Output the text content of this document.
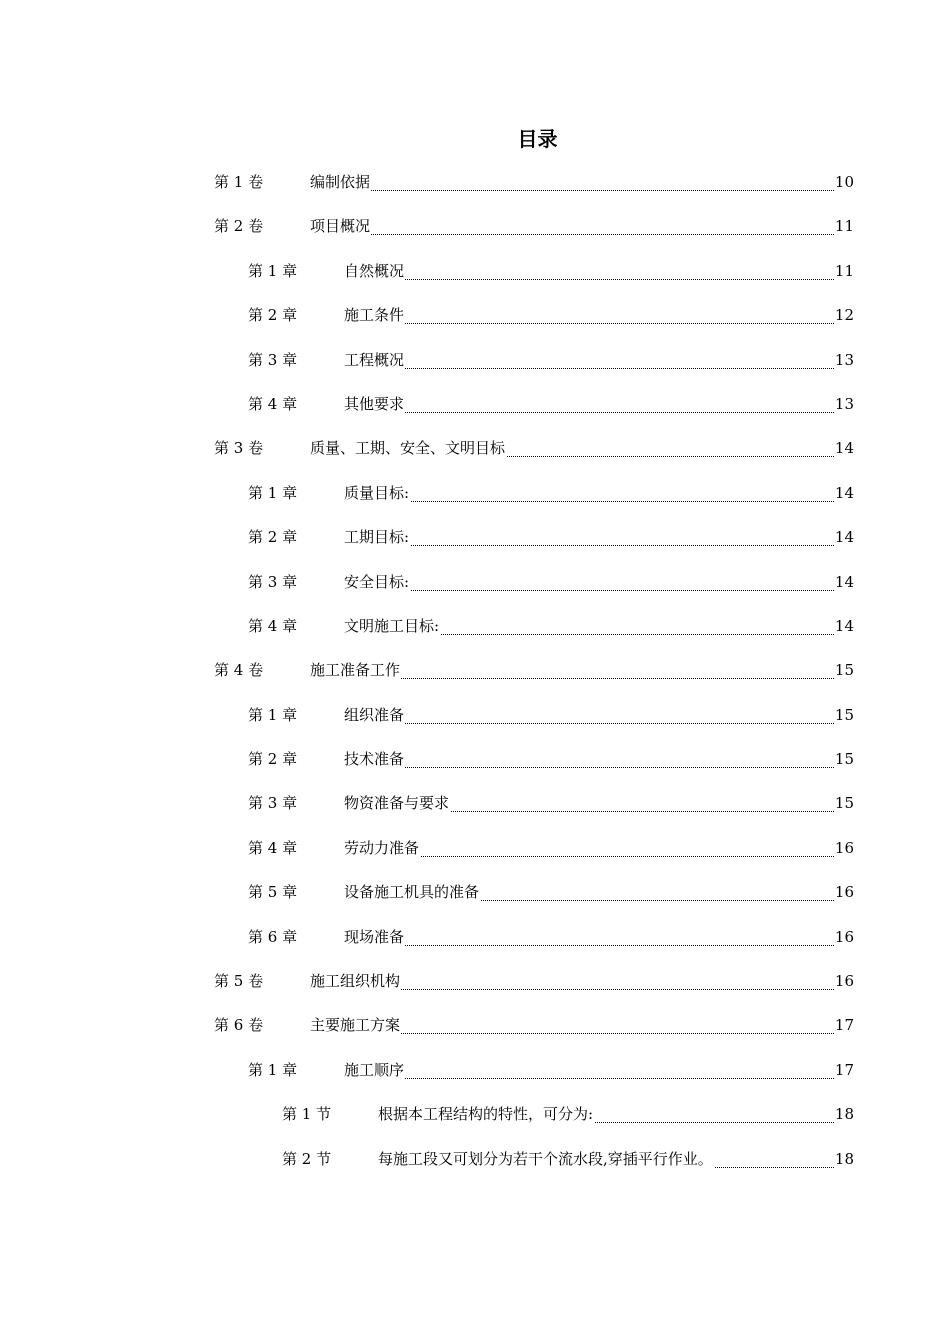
目录
第 1 卷	编制依据	10
第 2 卷	项目概况	11
第 1 章	自然概况	11
第 2 章	施工条件	12
第 3 章	工程概况	13
第 4 章	其他要求	13
第 3 卷	质量、工期、安全、文明目标	14
第 1 章	质量目标:	14
第 2 章	工期目标:	14
第 3 章	安全目标:	14
第 4 章	文明施工目标:	14
第 4 卷	施工准备工作	15
第 1 章	组织准备	15
第 2 章	技术准备	15
第 3 章	物资准备与要求	15
第 4 章	劳动力准备	16
第 5 章	设备施工机具的准备	16
第 6 章	现场准备	16
第 5 卷	施工组织机构	16
第 6 卷	主要施工方案	17
第 1 章	施工顺序	17
第 1 节	根据本工程结构的特性，可分为:	18
第 2 节	每施工段又可划分为若干个流水段,穿插平行作业。	18
